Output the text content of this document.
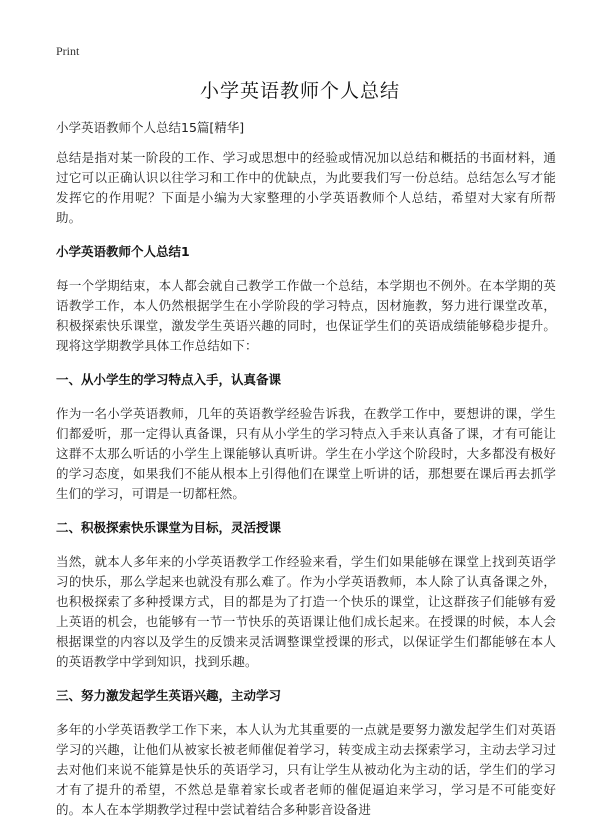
Print
小学英语教师个人总结

小学英语教师个人总结15篇[精华]

总结是指对某一阶段的工作、学习或思想中的经验或情况加以总结和概括的书面材料，通过它可以正确认识以往学习和工作中的优缺点，为此要我们写一份总结。总结怎么写才能发挥它的作用呢？下面是小编为大家整理的小学英语教师个人总结，希望对大家有所帮助。

小学英语教师个人总结1

每一个学期结束，本人都会就自己教学工作做一个总结，本学期也不例外。在本学期的英语教学工作，本人仍然根据学生在小学阶段的学习特点，因材施教，努力进行课堂改革，积极探索快乐课堂，激发学生英语兴趣的同时，也保证学生们的英语成绩能够稳步提升。现将这学期教学具体工作总结如下：

一、从小学生的学习特点入手，认真备课

作为一名小学英语教师，几年的英语教学经验告诉我，在教学工作中，要想讲的课，学生们都爱听，那一定得认真备课，只有从小学生的学习特点入手来认真备了课，才有可能让这群不太那么听话的小学生上课能够认真听讲。学生在小学这个阶段时，大多都没有极好的学习态度，如果我们不能从根本上引得他们在课堂上听讲的话，那想要在课后再去抓学生们的学习，可谓是一切都枉然。

二、积极探索快乐课堂为目标，灵活授课

当然，就本人多年来的小学英语教学工作经验来看，学生们如果能够在课堂上找到英语学习的快乐，那么学起来也就没有那么难了。作为小学英语教师，本人除了认真备课之外，也积极探索了多种授课方式，目的都是为了打造一个快乐的课堂，让这群孩子们能够有爱上英语的机会，也能够有一节一节快乐的英语课让他们成长起来。在授课的时候，本人会根据课堂的内容以及学生的反馈来灵活调整课堂授课的形式，以保证学生们都能够在本人的英语教学中学到知识，找到乐趣。

三、努力激发起学生英语兴趣，主动学习

多年的小学英语教学工作下来，本人认为尤其重要的一点就是要努力激发起学生们对英语学习的兴趣，让他们从被家长被老师催促着学习，转变成主动去探索学习，主动去学习过去对他们来说不能算是快乐的英语学习，只有让学生从被动化为主动的话，学生们的学习才有了提升的希望，不然总是靠着家长或者老师的催促逼迫来学习，学习是不可能变好的。本人在本学期教学过程中尝试着结合多种影音设备进
